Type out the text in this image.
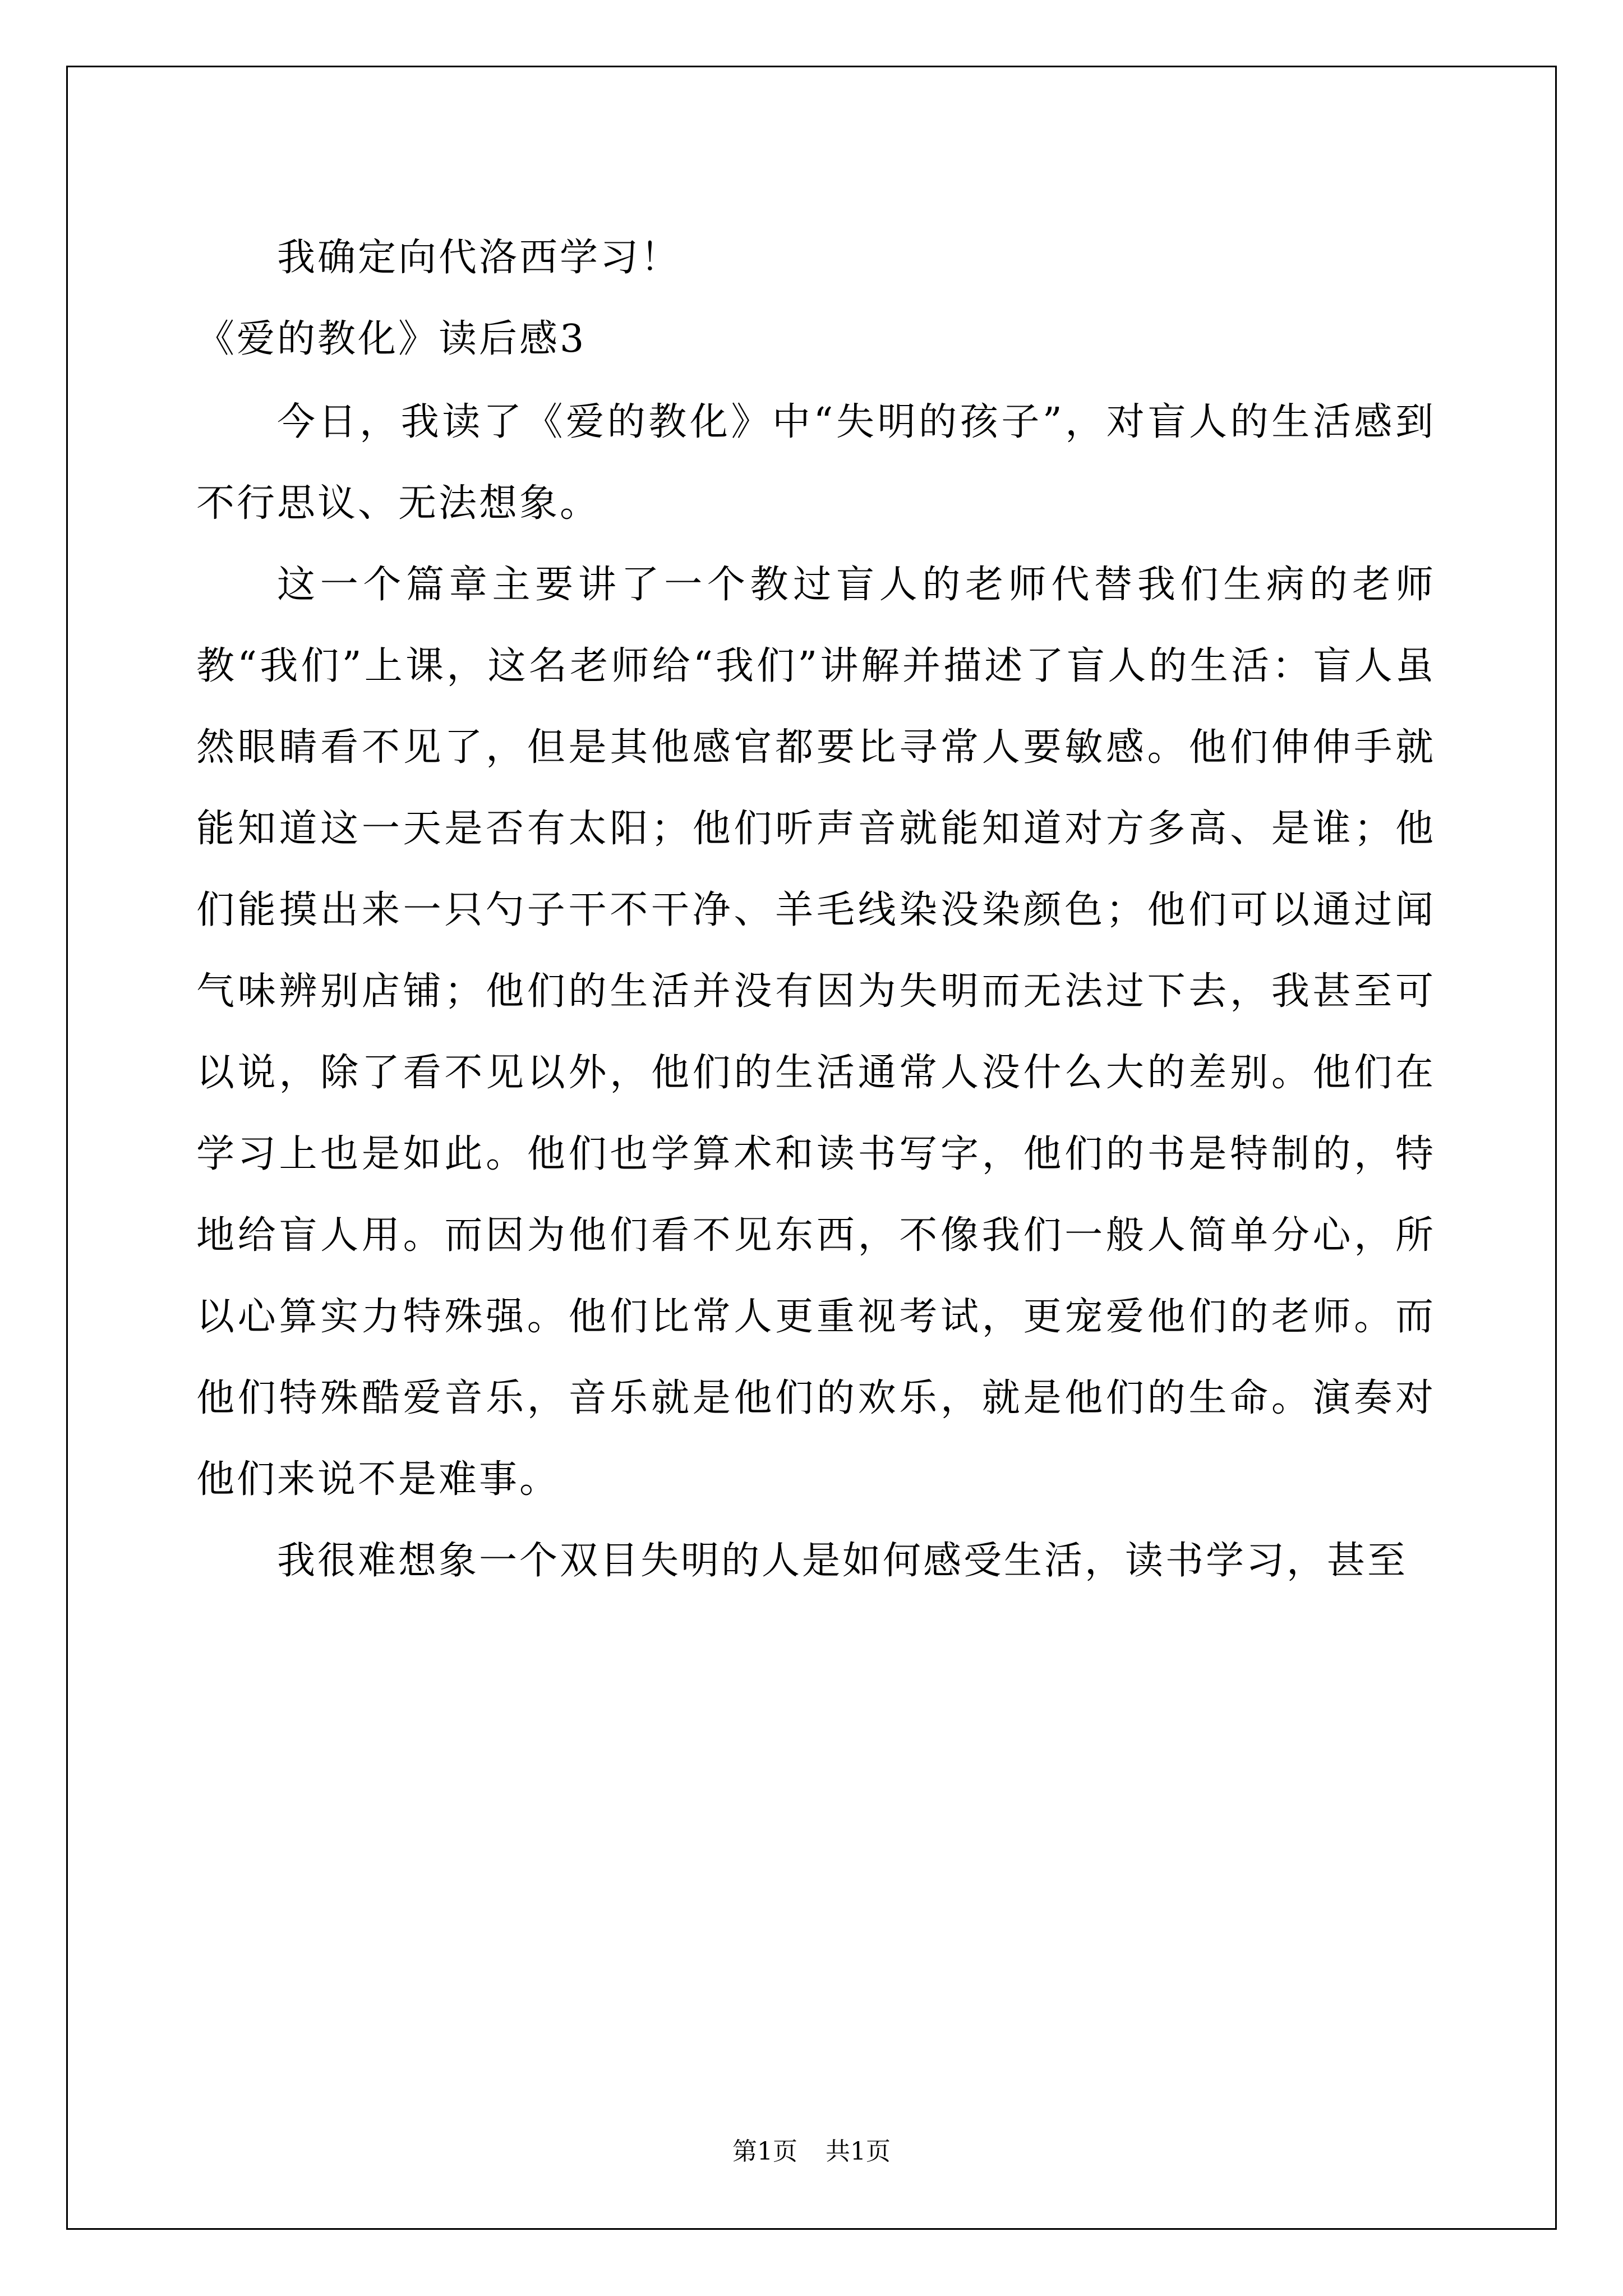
我确定向代洛西学习！
《爱的教化》读后感3

今日，我读了《爱的教化》中“失明的孩子”，对盲人的生活感到不行思议、无法想象。

这一个篇章主要讲了一个教过盲人的老师代替我们生病的老师教“我们”上课，这名老师给“我们”讲解并描述了盲人的生活：盲人虽然眼睛看不见了，但是其他感官都要比寻常人要敏感。他们伸伸手就能知道这一天是否有太阳；他们听声音就能知道对方多高、是谁；他们能摸出来一只勺子干不干净、羊毛线染没染颜色；他们可以通过闻气味辨别店铺；他们的生活并没有因为失明而无法过下去，我甚至可以说，除了看不见以外，他们的生活通常人没什么大的差别。他们在学习上也是如此。他们也学算术和读书写字，他们的书是特制的，特地给盲人用。而因为他们看不见东西，不像我们一般人简单分心，所以心算实力特殊强。他们比常人更重视考试，更宠爱他们的老师。而他们特殊酷爱音乐，音乐就是他们的欢乐，就是他们的生命。演奏对他们来说不是难事。

我很难想象一个双目失明的人是如何感受生活，读书学习，甚至

第1页 共1页
